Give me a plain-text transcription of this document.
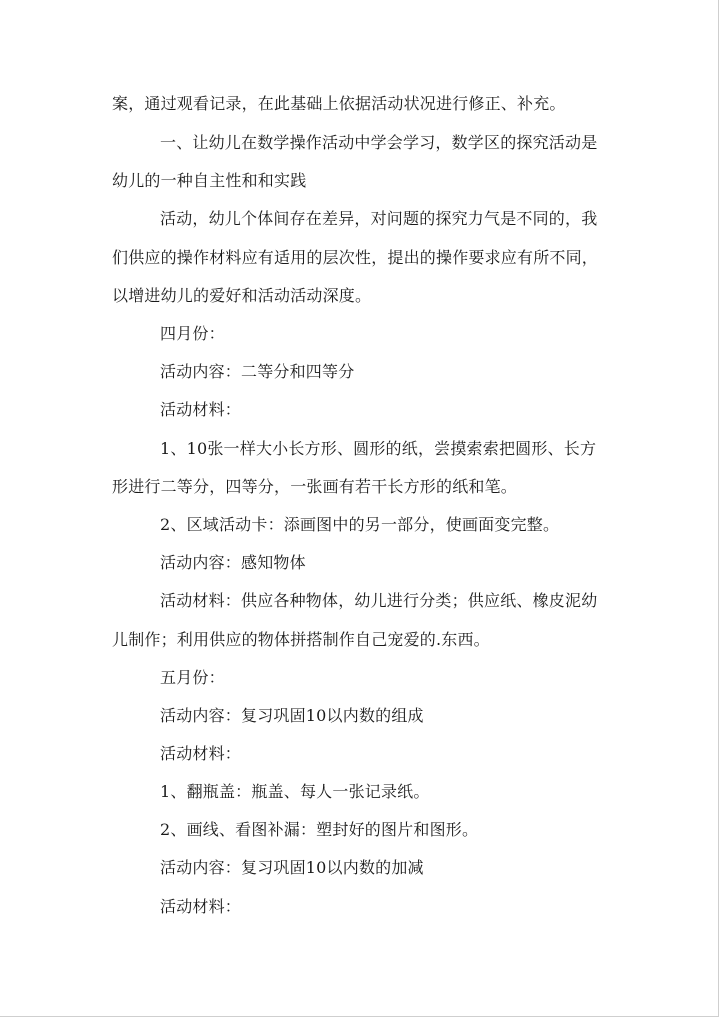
案，通过观看记录，在此基础上依据活动状况进行修正、补充。
一、让幼儿在数学操作活动中学会学习，数学区的探究活动是
幼儿的一种自主性和和实践
活动，幼儿个体间存在差异，对问题的探究力气是不同的，我
们供应的操作材料应有适用的层次性，提出的操作要求应有所不同，
以增进幼儿的爱好和活动活动深度。
四月份：
活动内容：二等分和四等分
活动材料：
1、10张一样大小长方形、圆形的纸，尝摸索索把圆形、长方
形进行二等分，四等分，一张画有若干长方形的纸和笔。
2、区域活动卡：添画图中的另一部分，使画面变完整。
活动内容：感知物体
活动材料：供应各种物体，幼儿进行分类；供应纸、橡皮泥幼
儿制作；利用供应的物体拼搭制作自己宠爱的.东西。
五月份：
活动内容：复习巩固10以内数的组成
活动材料：
1、翻瓶盖：瓶盖、每人一张记录纸。
2、画线、看图补漏：塑封好的图片和图形。
活动内容：复习巩固10以内数的加减
活动材料：
